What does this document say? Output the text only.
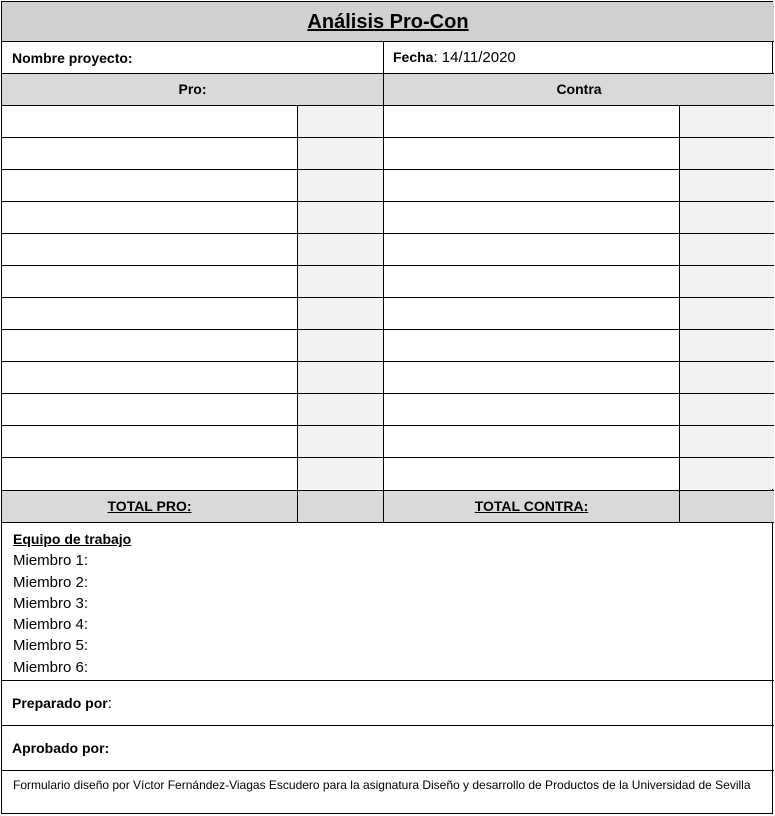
Análisis Pro-Con
Nombre proyecto:	Fecha: 14/11/2020
Pro:	Contra
TOTAL PRO:	TOTAL CONTRA:
Equipo de trabajo
Miembro 1:
Miembro 2:
Miembro 3:
Miembro 4:
Miembro 5:
Miembro 6:
Preparado por:
Aprobado por:
Formulario diseño por Víctor Fernández-Viagas Escudero para la asignatura Diseño y desarrollo de Productos de la Universidad de Sevilla
